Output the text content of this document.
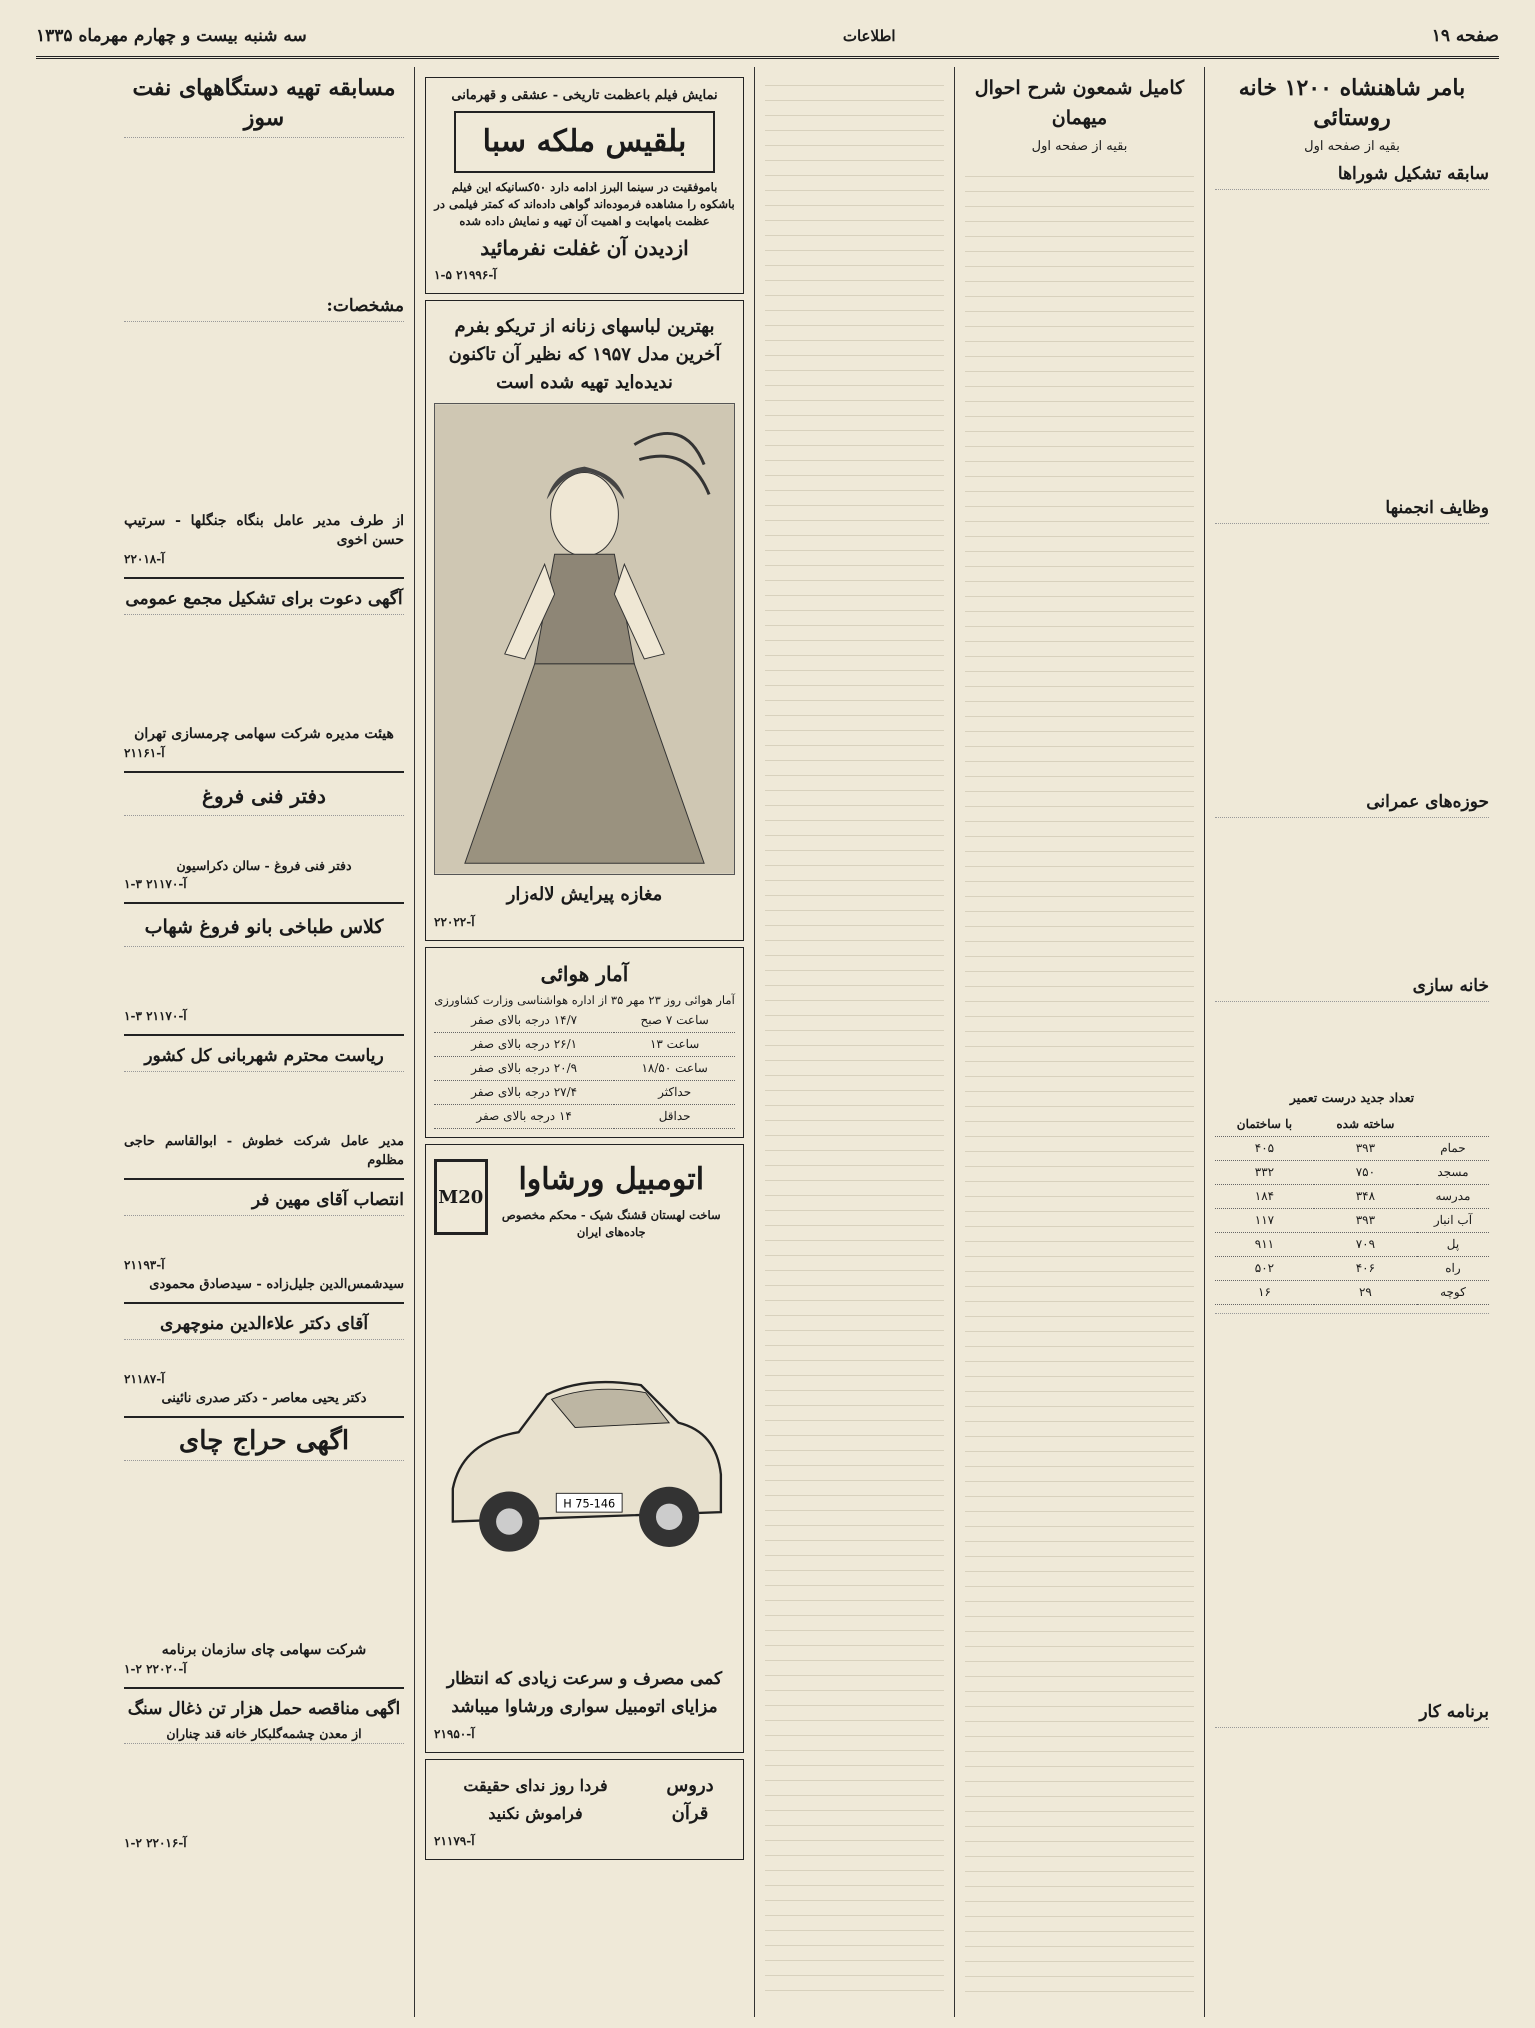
صفحه ۱۹
اطلاعات
سه شنبه بیست و چهارم مهرماه ۱۳۳۵
بامر شاهنشاه ۱۲۰۰ خانه روستائی
بقیه از صفحه اول
سابقه تشکیل شوراها
وظایف انجمنها
حوزه‌های عمرانی
خانه سازی
تعداد جدید درست تعمیر
	ساخته شده	با ساختمان
حمام	۳۹۳	۴۰۵
مسجد	۷۵۰	۳۳۲
مدرسه	۳۴۸	۱۸۴
آب انبار	۳۹۳	۱۱۷
پل	۷۰۹	۹۱۱
راه	۴۰۶	۵۰۲
کوچه	۲۹	۱۶
برنامه کار
کامیل شمعون شرح احوال میهمان
بقیه از صفحه اول
نمایش فیلم باعظمت تاریخی - عشقی و قهرمانی
بلقیس ملکه سبا
باموفقیت در سینما البرز ادامه دارد ٥٠کسانیکه این فیلم باشکوه را مشاهده فرموده‌اند گواهی داده‌اند که کمتر فیلمی در عظمت بامهابت و اهمیت آن تهیه و نمایش داده شده
ازدیدن آن غفلت نفرمائید
آ-۲۱۹۹۶ ۵-۱
بهترین لباسهای زنانه از تریکو بفرم آخرین مدل ۱۹۵۷ که نظیر آن تاکنون ندیده‌اید تهیه شده است
مغازه پیرایش لاله‌زار
آ-۲۲۰۲۲
آمار هوائی
آمار هوائی روز ۲۳ مهر ۳۵ از اداره هواشناسی وزارت کشاورزی
ساعت ۷ صبح	۱۴/۷ درجه بالای صفر
ساعت ۱۳	۲۶/۱ درجه بالای صفر
ساعت ۱۸/۵۰	۲۰/۹ درجه بالای صفر
حداکثر	۲۷/۴ درجه بالای صفر
حداقل	۱۴ درجه بالای صفر
اتومبیل ورشاوا
ساخت لهستان قشنگ شیک - محکم مخصوص جاده‌های ایران
M20
H 75-146
کمی مصرف و سرعت زیادی که انتظار مزایای اتومبیل سواری ورشاوا میباشد
آ-۲۱۹۵۰
دروس قرآن
فردا روز ندای حقیقت فراموش نکنید
آ-۲۱۱۷۹
مسابقه تهیه دستگاههای نفت سوز
مشخصات:
از طرف مدیر عامل بنگاه جنگلها - سرتیپ حسن اخوی
آ-۲۲۰۱۸
آگهی دعوت برای تشکیل مجمع عمومی
هیئت مدیره شرکت سهامی چرمسازی تهران
آ-۲۱۱۶۱
دفتر فنی فروغ
دفتر فنی فروغ - سالن دکراسیون
آ-۲۱۱۷۰ ۳-۱
کلاس طباخی بانو فروغ شهاب
آ-۲۱۱۷۰ ۳-۱
ریاست محترم شهربانی کل کشور
مدیر عامل شرکت خطوش - ابوالقاسم حاجی مظلوم
انتصاب آقای مهین فر
آ-۲۱۱۹۳
سیدشمس‌الدین جلیل‌زاده - سیدصادق محمودی
آقای دکتر علاءالدین منوچهری
آ-۲۱۱۸۷
دکتر یحیی معاصر - دکتر صدری نائینی
اگهی حراج چای
شرکت سهامی چای سازمان برنامه
آ-۲۲۰۲۰ ۲-۱
اگهی مناقصه حمل هزار تن ذغال سنگ
از معدن چشمه‌گلبکار خانه قند چناران
آ-۲۲۰۱۶ ۲-۱
